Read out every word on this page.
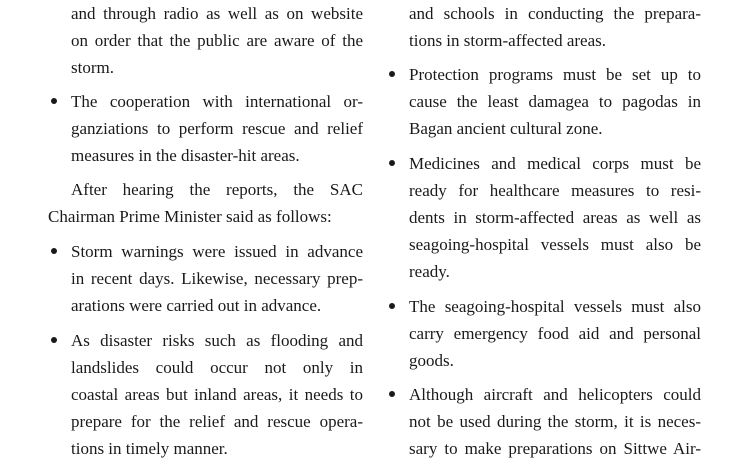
and through radio as well as on website
on order that the public are aware of the
storm.
The cooperation with international or-
ganziations to perform rescue and relief
measures in the disaster-hit areas.
After hearing the reports, the SAC
Chairman Prime Minister said as follows:
Storm warnings were issued in advance
in recent days. Likewise, necessary prep-
arations were carried out in advance.
As disaster risks such as flooding and
landslides could occur not only in
coastal areas but inland areas, it needs to
prepare for the relief and rescue opera-
tions in timely manner.
and schools in conducting the prepara-
tions in storm-affected areas.
Protection programs must be set up to
cause the least damagea to pagodas in
Bagan ancient cultural zone.
Medicines and medical corps must be
ready for healthcare measures to resi-
dents in storm-affected areas as well as
seagoing-hospital vessels must also be
ready.
The seagoing-hospital vessels must also
carry emergency food aid and personal
goods.
Although aircraft and helicopters could
not be used during the storm, it is neces-
sary to make preparations on Sittwe Air-
